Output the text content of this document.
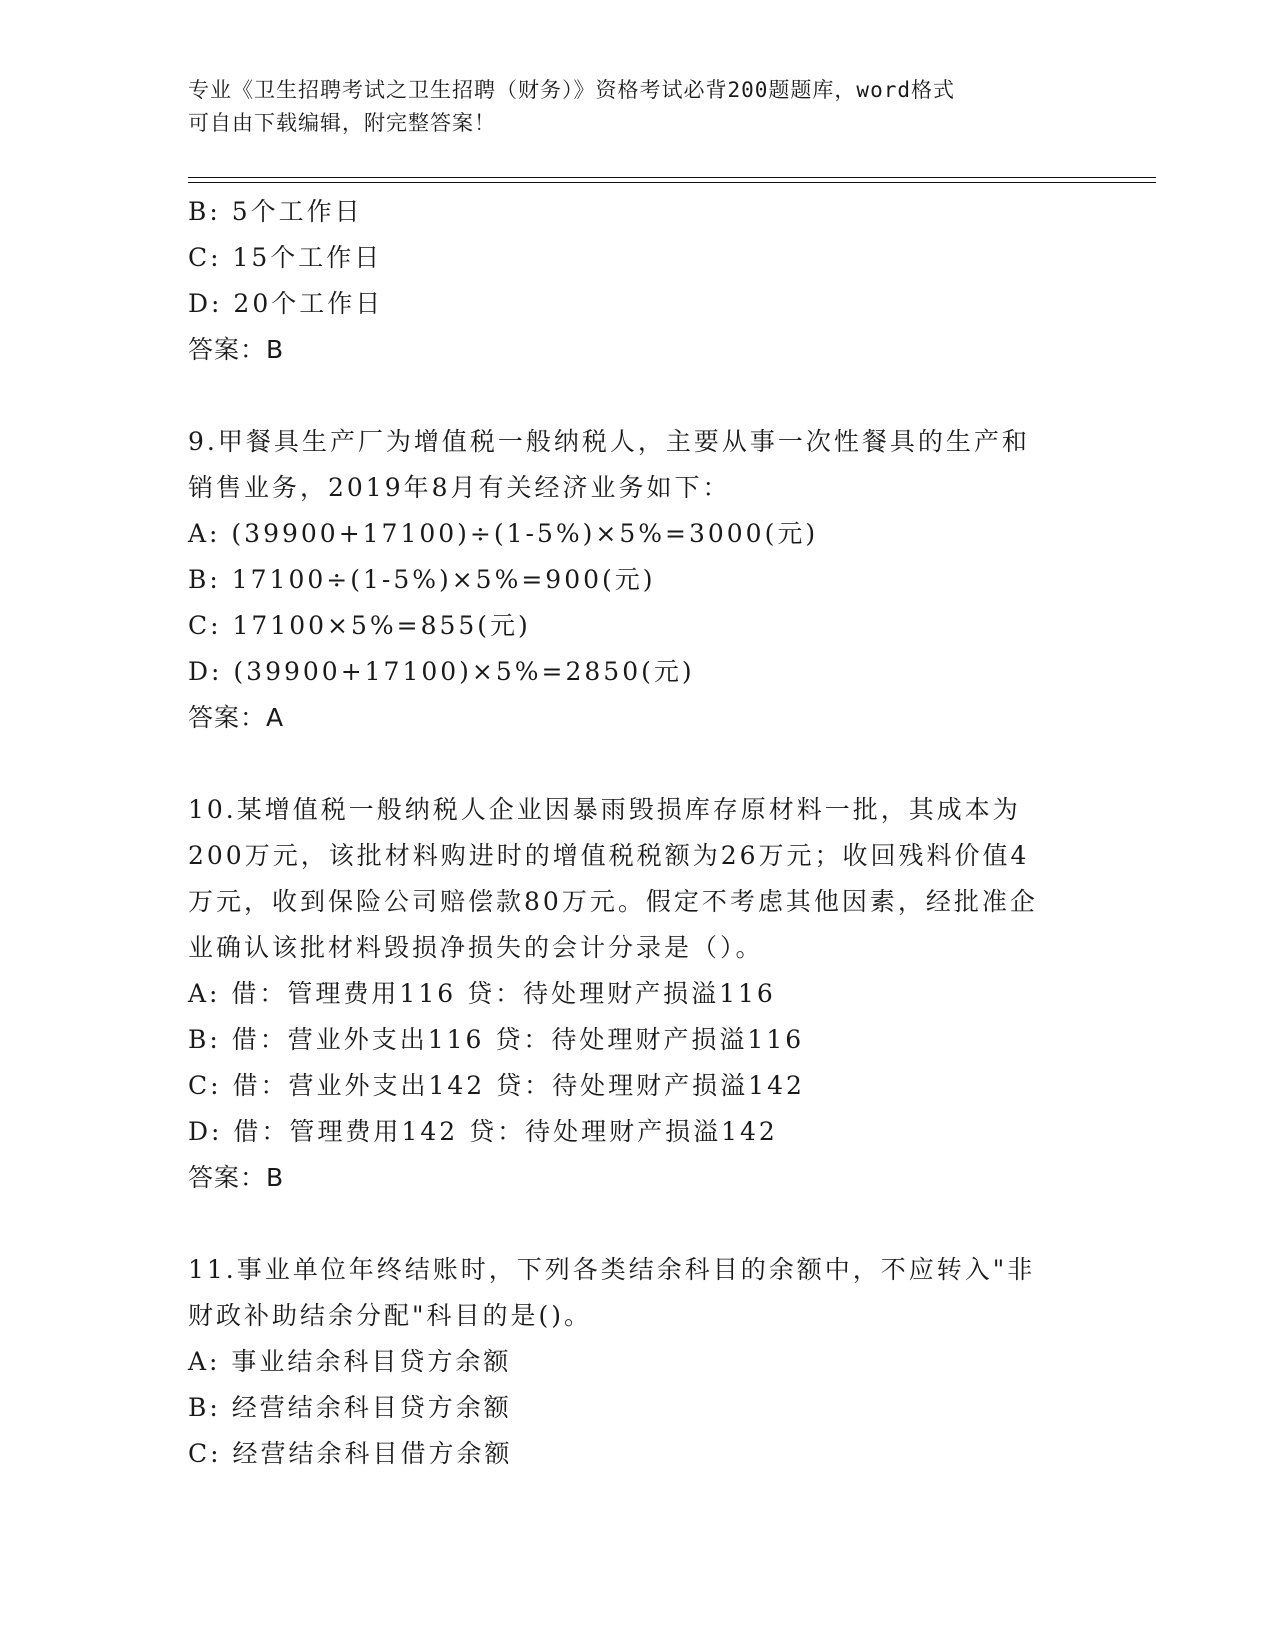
专业《卫生招聘考试之卫生招聘（财务）》资格考试必背200题题库，word格式
可自由下载编辑，附完整答案！
B: 5个工作日
C: 15个工作日
D: 20个工作日
答案：B
9.甲餐具生产厂为增值税一般纳税人，主要从事一次性餐具的生产和
销售业务，2019年8月有关经济业务如下：
A: (39900+17100)÷(1-5%)×5%=3000(元)
B: 17100÷(1-5%)×5%=900(元)
C: 17100×5%=855(元)
D: (39900+17100)×5%=2850(元)
答案：A
10.某增值税一般纳税人企业因暴雨毁损库存原材料一批，其成本为
200万元，该批材料购进时的增值税税额为26万元；收回残料价值4
万元，收到保险公司赔偿款80万元。假定不考虑其他因素，经批准企
业确认该批材料毁损净损失的会计分录是（）。
A: 借：管理费用116 贷：待处理财产损溢116
B: 借：营业外支出116 贷：待处理财产损溢116
C: 借：营业外支出142 贷：待处理财产损溢142
D: 借：管理费用142 贷：待处理财产损溢142
答案：B
11.事业单位年终结账时，下列各类结余科目的余额中，不应转入"非
财政补助结余分配"科目的是()。
A: 事业结余科目贷方余额
B: 经营结余科目贷方余额
C: 经营结余科目借方余额
